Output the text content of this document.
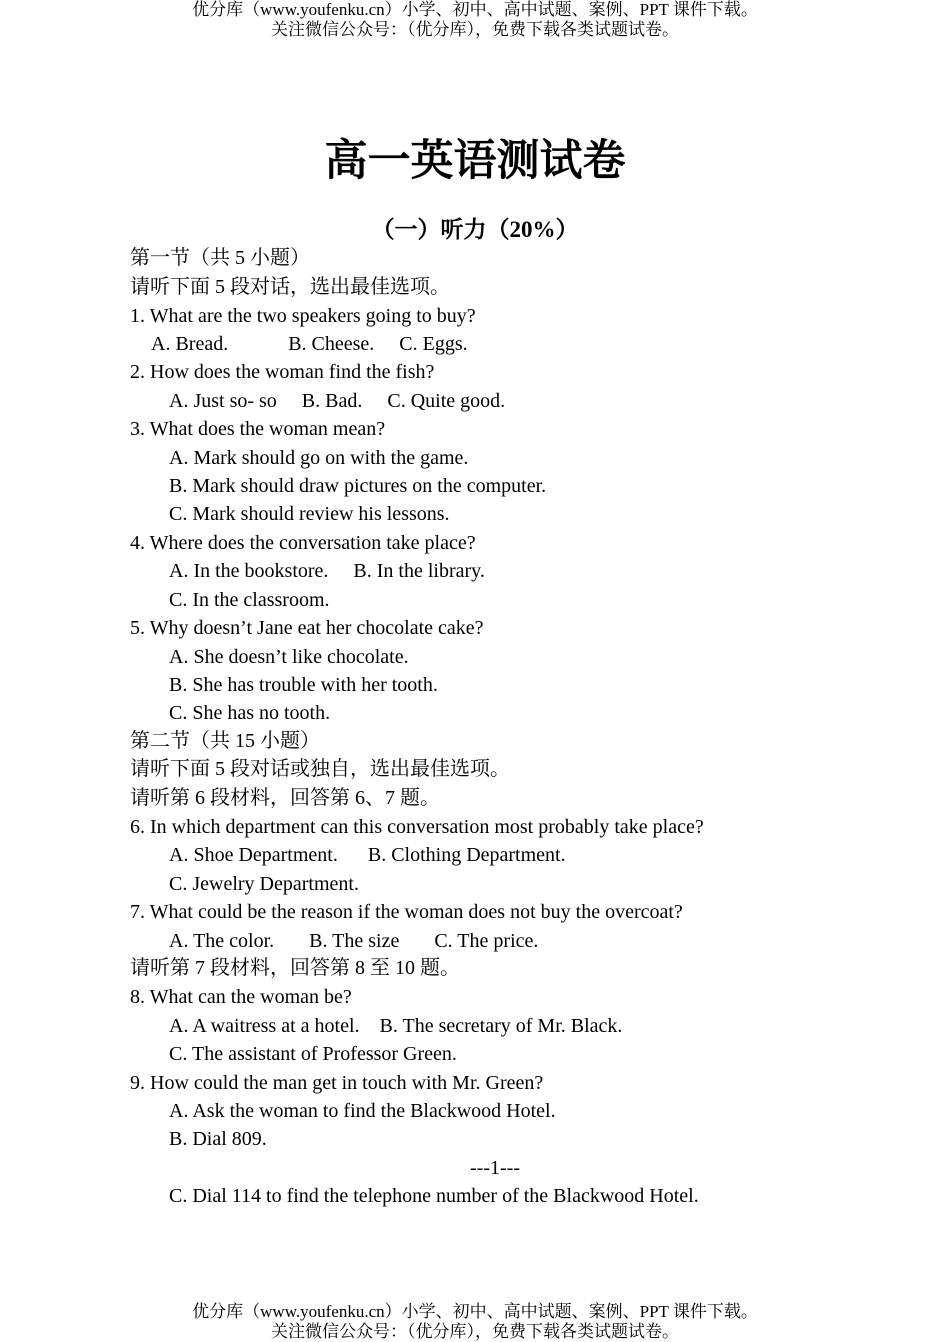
优分库（www.youfenku.cn）小学、初中、高中试题、案例、PPT 课件下载。
关注微信公众号：（优分库），免费下载各类试题试卷。
高一英语测试卷
（一）听力（20%）
第一节（共 5 小题）
请听下面 5 段对话，选出最佳选项。
1. What are the two speakers going to buy?
A. Bread.            B. Cheese.     C. Eggs.
2. How does the woman find the fish?
A. Just so- so     B. Bad.     C. Quite good.
3. What does the woman mean?
A. Mark should go on with the game.
B. Mark should draw pictures on the computer.
C. Mark should review his lessons.
4. Where does the conversation take place?
A. In the bookstore.     B. In the library.
C. In the classroom.
5. Why doesn’t Jane eat her chocolate cake?
A. She doesn’t like chocolate.
B. She has trouble with her tooth.
C. She has no tooth.
第二节（共 15 小题）
请听下面 5 段对话或独自，选出最佳选项。
请听第 6 段材料，回答第 6、7 题。
6. In which department can this conversation most probably take place?
A. Shoe Department.      B. Clothing Department.
C. Jewelry Department.
7. What could be the reason if the woman does not buy the overcoat?
A. The color.       B. The size       C. The price.
请听第 7 段材料，回答第 8 至 10 题。
8. What can the woman be?
A. A waitress at a hotel.    B. The secretary of Mr. Black.
C. The assistant of Professor Green.
9. How could the man get in touch with Mr. Green?
A. Ask the woman to find the Blackwood Hotel.
B. Dial 809.
---1---
C. Dial 114 to find the telephone number of the Blackwood Hotel.
优分库（www.youfenku.cn）小学、初中、高中试题、案例、PPT 课件下载。
关注微信公众号：（优分库），免费下载各类试题试卷。
